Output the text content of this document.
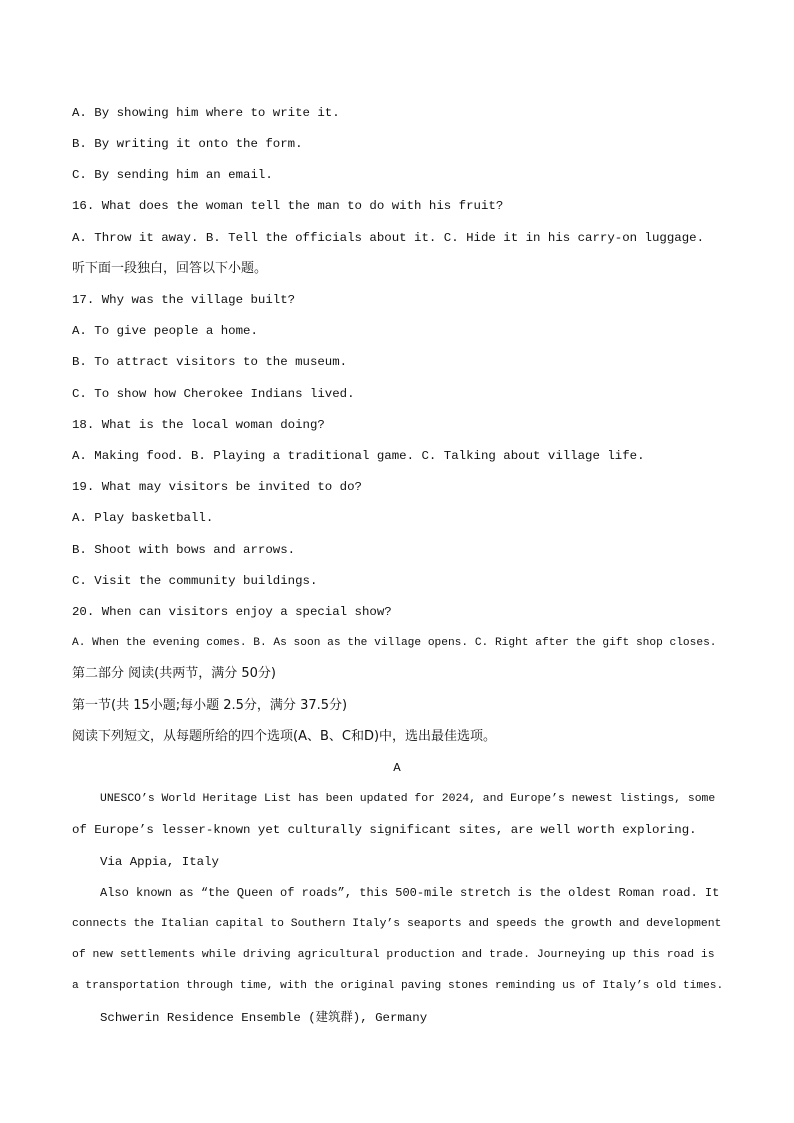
A. By showing him where to write it.
B. By writing it onto the form.
C. By sending him an email.
16. What does the woman tell the man to do with his fruit?
A. Throw it away. B. Tell the officials about it. C. Hide it in his carry-on luggage.
听下面一段独白，回答以下小题。
17. Why was the village built?
A. To give people a home.
B. To attract visitors to the museum.
C. To show how Cherokee Indians lived.
18. What is the local woman doing?
A. Making food. B. Playing a traditional game. C. Talking about village life.
19. What may visitors be invited to do?
A. Play basketball.
B. Shoot with bows and arrows.
C. Visit the community buildings.
20. When can visitors enjoy a special show?
A. When the evening comes. B. As soon as the village opens. C. Right after the gift shop closes.
第二部分 阅读(共两节，满分 50分)
第一节(共 15小题;每小题 2.5分，满分 37.5分)
阅读下列短文，从每题所给的四个选项(A、B、C和D)中，选出最佳选项。
A
UNESCO’s World Heritage List has been updated for 2024, and Europe’s newest listings, some
of Europe’s lesser-known yet culturally significant sites, are well worth exploring.
Via Appia, Italy
Also known as “the Queen of roads”, this 500-mile stretch is the oldest Roman road. It
connects the Italian capital to Southern Italy’s seaports and speeds the growth and development
of new settlements while driving agricultural production and trade. Journeying up this road is
a transportation through time, with the original paving stones reminding us of Italy’s old times.
Schwerin Residence Ensemble (建筑群), Germany
